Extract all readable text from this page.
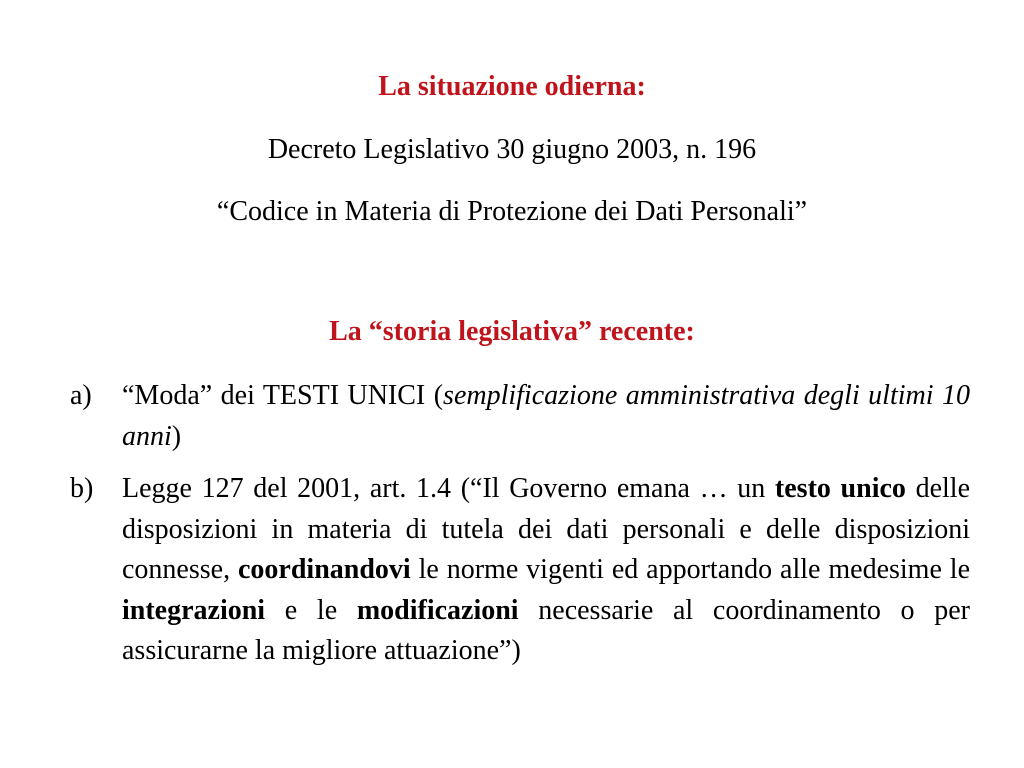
La situazione odierna:
Decreto Legislativo 30 giugno 2003, n. 196
“Codice in Materia di Protezione dei Dati Personali”
La “storia legislativa” recente:
a) “Moda” dei TESTI UNICI (semplificazione amministrativa degli ultimi 10 anni)
b) Legge 127 del 2001, art. 1.4 (“Il Governo emana … un testo unico delle disposizioni in materia di tutela dei dati personali e delle disposizioni connesse, coordinandovi le norme vigenti ed apportando alle medesime le integrazioni e le modificazioni necessarie al coordinamento o per assicurarne la migliore attuazione”)
